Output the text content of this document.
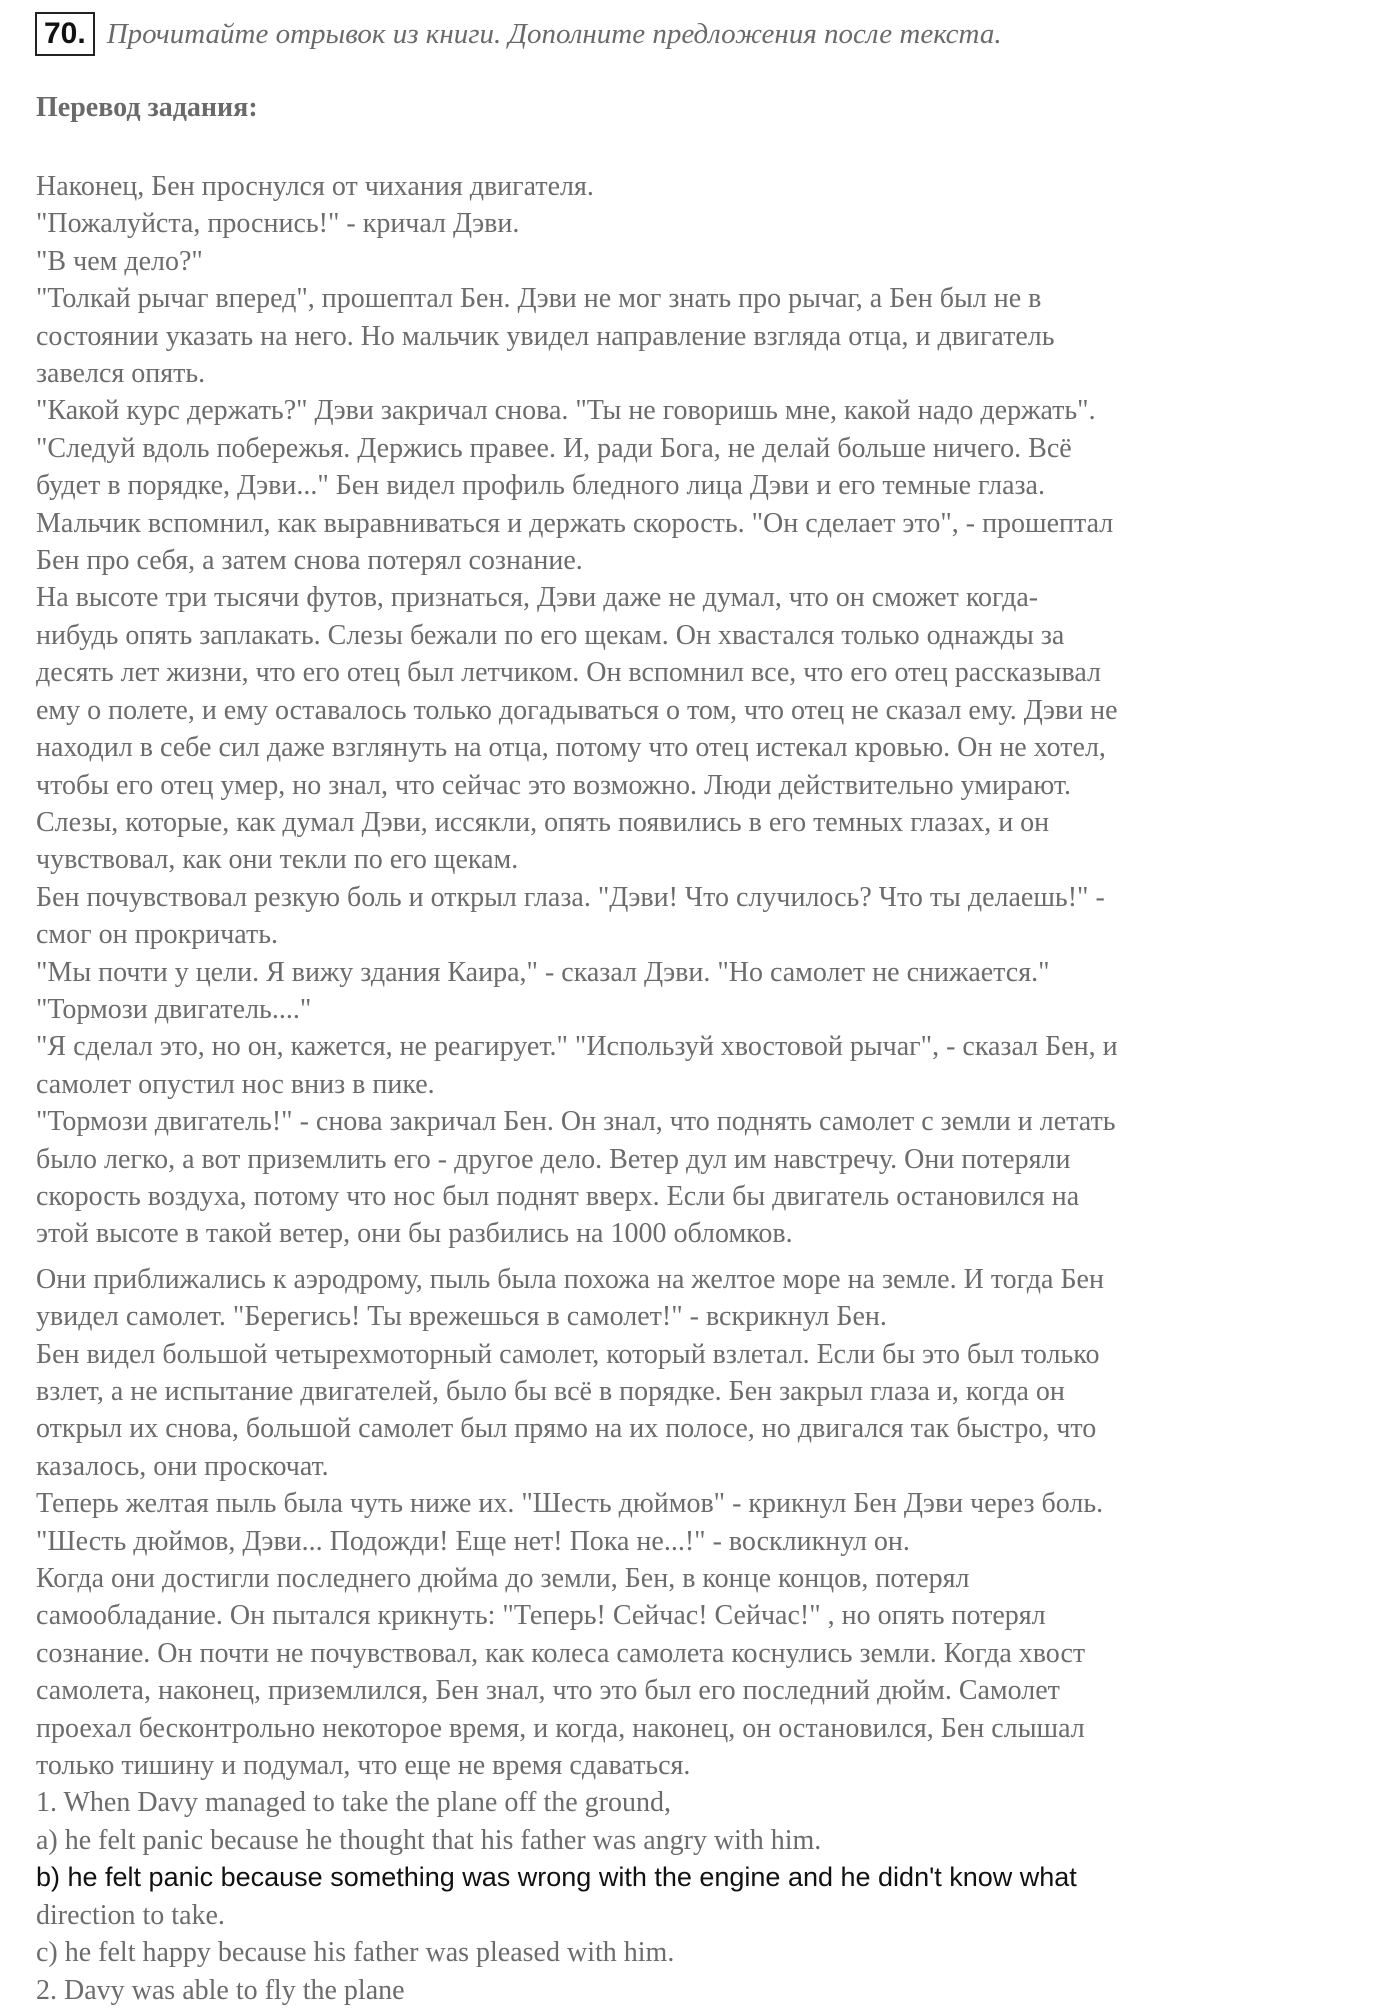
70. Прочитайте отрывок из книги. Дополните предложения после текста.
Перевод задания:
Наконец, Бен проснулся от чихания двигателя.
"Пожалуйста, проснись!" - кричал Дэви.
"В чем дело?"
"Толкай рычаг вперед", прошептал Бен. Дэви не мог знать про рычаг, а Бен был не в
состоянии указать на него. Но мальчик увидел направление взгляда отца, и двигатель
завелся опять.
"Какой курс держать?" Дэви закричал снова. "Ты не говоришь мне, какой надо держать".
"Следуй вдоль побережья. Держись правее. И, ради Бога, не делай больше ничего. Всё
будет в порядке, Дэви..." Бен видел профиль бледного лица Дэви и его темные глаза.
Мальчик вспомнил, как выравниваться и держать скорость. "Он сделает это", - прошептал
Бен про себя, а затем снова потерял сознание.
На высоте три тысячи футов, признаться, Дэви даже не думал, что он сможет когда-
нибудь опять заплакать. Слезы бежали по его щекам. Он хвастался только однажды за
десять лет жизни, что его отец был летчиком. Он вспомнил все, что его отец рассказывал
ему о полете, и ему оставалось только догадываться о том, что отец не сказал ему. Дэви не
находил в себе сил даже взглянуть на отца, потому что отец истекал кровью. Он не хотел,
чтобы его отец умер, но знал, что сейчас это возможно. Люди действительно умирают.
Слезы, которые, как думал Дэви, иссякли, опять появились в его темных глазах, и он
чувствовал, как они текли по его щекам.
Бен почувствовал резкую боль и открыл глаза. "Дэви! Что случилось? Что ты делаешь!" -
смог он прокричать.
"Мы почти у цели. Я вижу здания Каира," - сказал Дэви. "Но самолет не снижается."
"Тормози двигатель...."
"Я сделал это, но он, кажется, не реагирует." "Используй хвостовой рычаг", - сказал Бен, и
самолет опустил нос вниз в пике.
"Тормози двигатель!" - снова закричал Бен. Он знал, что поднять самолет с земли и летать
было легко, а вот приземлить его - другое дело. Ветер дул им навстречу. Они потеряли
скорость воздуха, потому что нос был поднят вверх. Если бы двигатель остановился на
этой высоте в такой ветер, они бы разбились на 1000 обломков.
Они приближались к аэродрому, пыль была похожа на желтое море на земле. И тогда Бен
увидел самолет. "Берегись! Ты врежешься в самолет!" - вскрикнул Бен.
Бен видел большой четырехмоторный самолет, который взлетал. Если бы это был только
взлет, а не испытание двигателей, было бы всё в порядке. Бен закрыл глаза и, когда он
открыл их снова, большой самолет был прямо на их полосе, но двигался так быстро, что
казалось, они проскочат.
Теперь желтая пыль была чуть ниже их. "Шесть дюймов" - крикнул Бен Дэви через боль.
"Шесть дюймов, Дэви... Подожди! Еще нет! Пока не...!" - воскликнул он.
Когда они достигли последнего дюйма до земли, Бен, в конце концов, потерял
самообладание. Он пытался крикнуть: "Теперь! Сейчас! Сейчас!" , но опять потерял
сознание. Он почти не почувствовал, как колеса самолета коснулись земли. Когда хвост
самолета, наконец, приземлился, Бен знал, что это был его последний дюйм. Самолет
проехал бесконтрольно некоторое время, и когда, наконец, он остановился, Бен слышал
только тишину и подумал, что еще не время сдаваться.
1. When Davy managed to take the plane off the ground,
a) he felt panic because he thought that his father was angry with him.
b) he felt panic because something was wrong with the engine and he didn't know what
direction to take.
c) he felt happy because his father was pleased with him.
2. Davy was able to fly the plane
